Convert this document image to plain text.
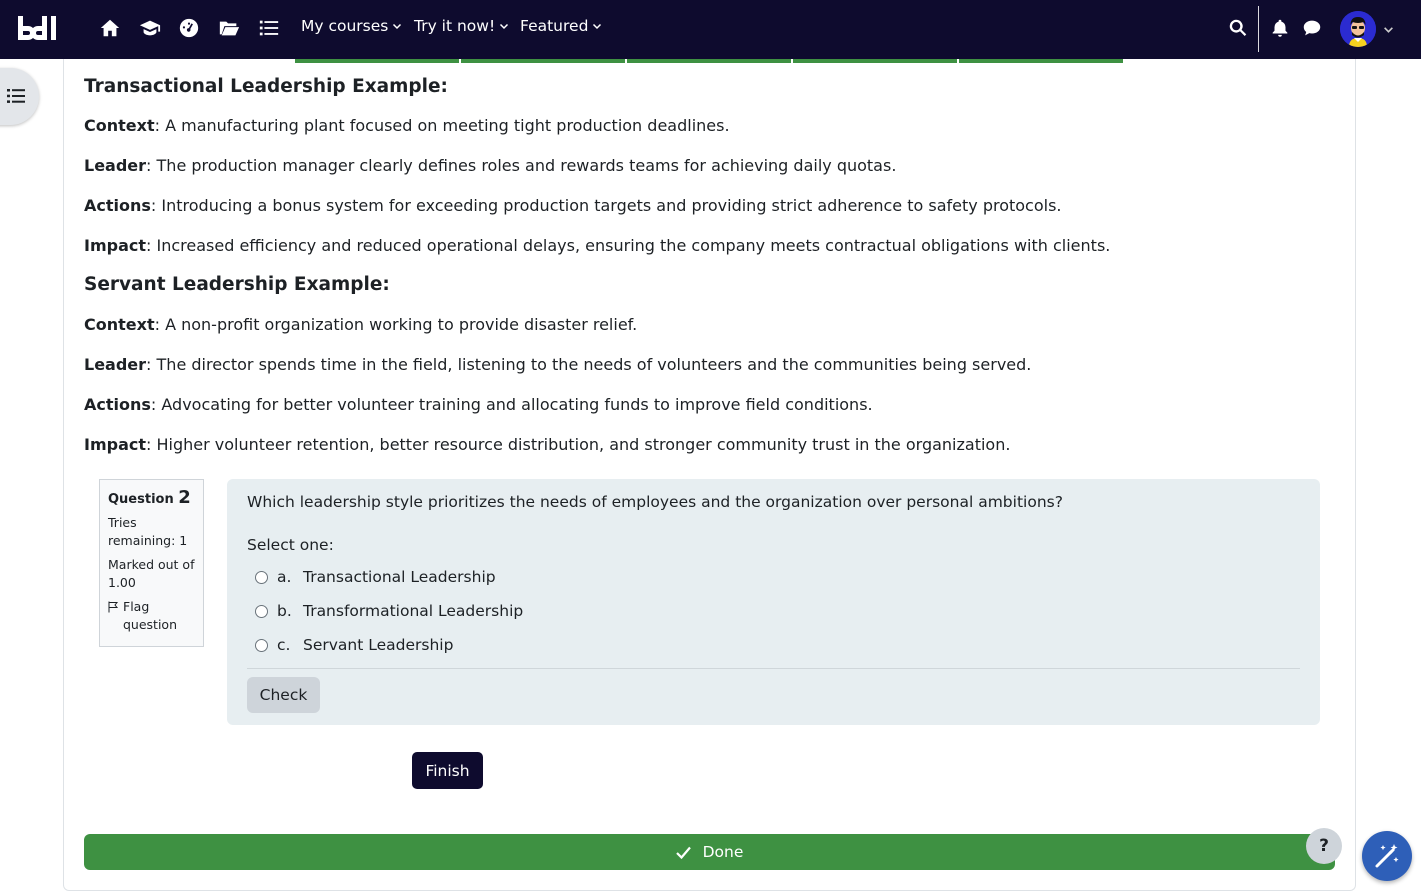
My courses Try it now! Featured
Transactional Leadership Example:

Context: A manufacturing plant focused on meeting tight production deadlines.

Leader: The production manager clearly defines roles and rewards teams for achieving daily quotas.

Actions: Introducing a bonus system for exceeding production targets and providing strict adherence to safety protocols.

Impact: Increased efficiency and reduced operational delays, ensuring the company meets contractual obligations with clients.

Servant Leadership Example:

Context: A non-profit organization working to provide disaster relief.

Leader: The director spends time in the field, listening to the needs of volunteers and the communities being served.

Actions: Advocating for better volunteer training and allocating funds to improve field conditions.

Impact: Higher volunteer retention, better resource distribution, and stronger community trust in the organization.

Question 2
Tries remaining: 1
Marked out of 1.00
Flag question
Which leadership style prioritizes the needs of employees and the organization over personal ambitions?
Select one:
a. Transactional Leadership
b. Transformational Leadership
c. Servant Leadership
Check
Finish
Done	?
